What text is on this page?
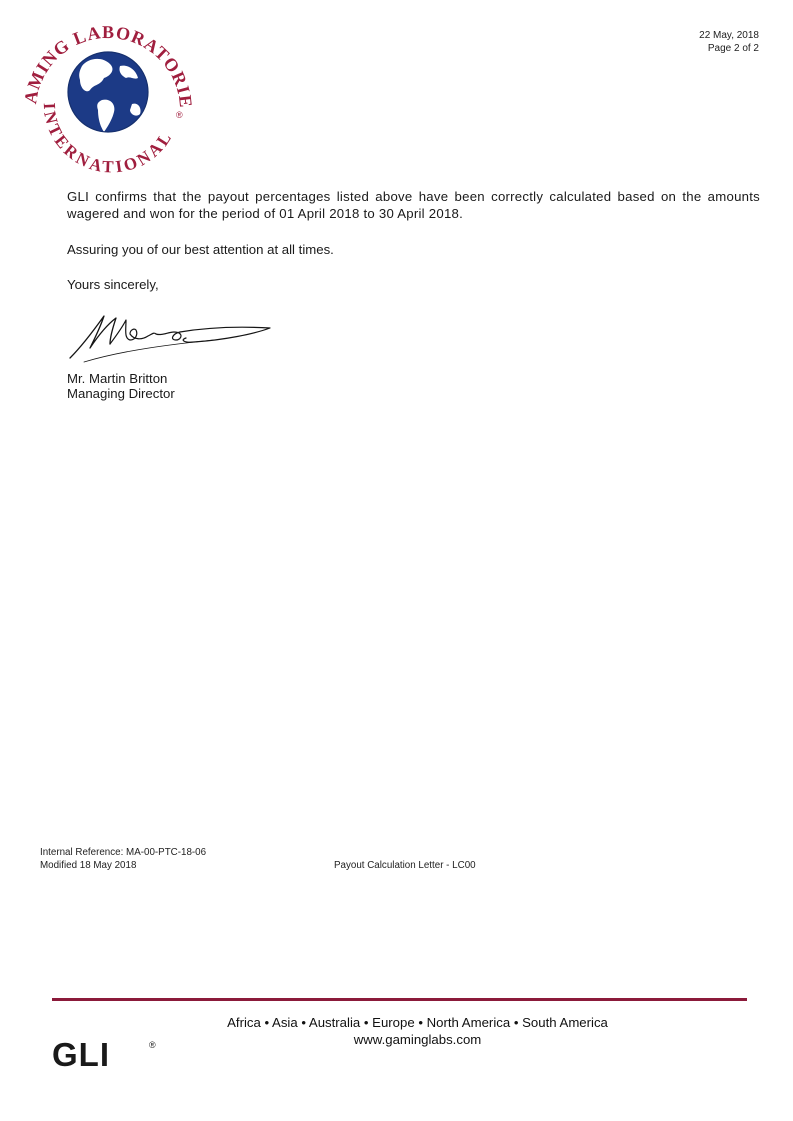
MING LABORATORI
INTERNATIONAL
®
22 May, 2018
Page 2 of 2

GLI confirms that the payout percentages listed above have been correctly calculated based on the amounts wagered and won for the period of 01 April 2018 to 30 April 2018.

Assuring you of our best attention at all times.

Yours sincerely,

Mr. Martin Britton
Managing Director
Internal Reference: MA-00-PTC-18-06
Modified 18 May 2018	Payout Calculation Letter - LC00
Africa • Asia • Australia • Europe • North America • South America
www.gaminglabs.com
GLI	®
